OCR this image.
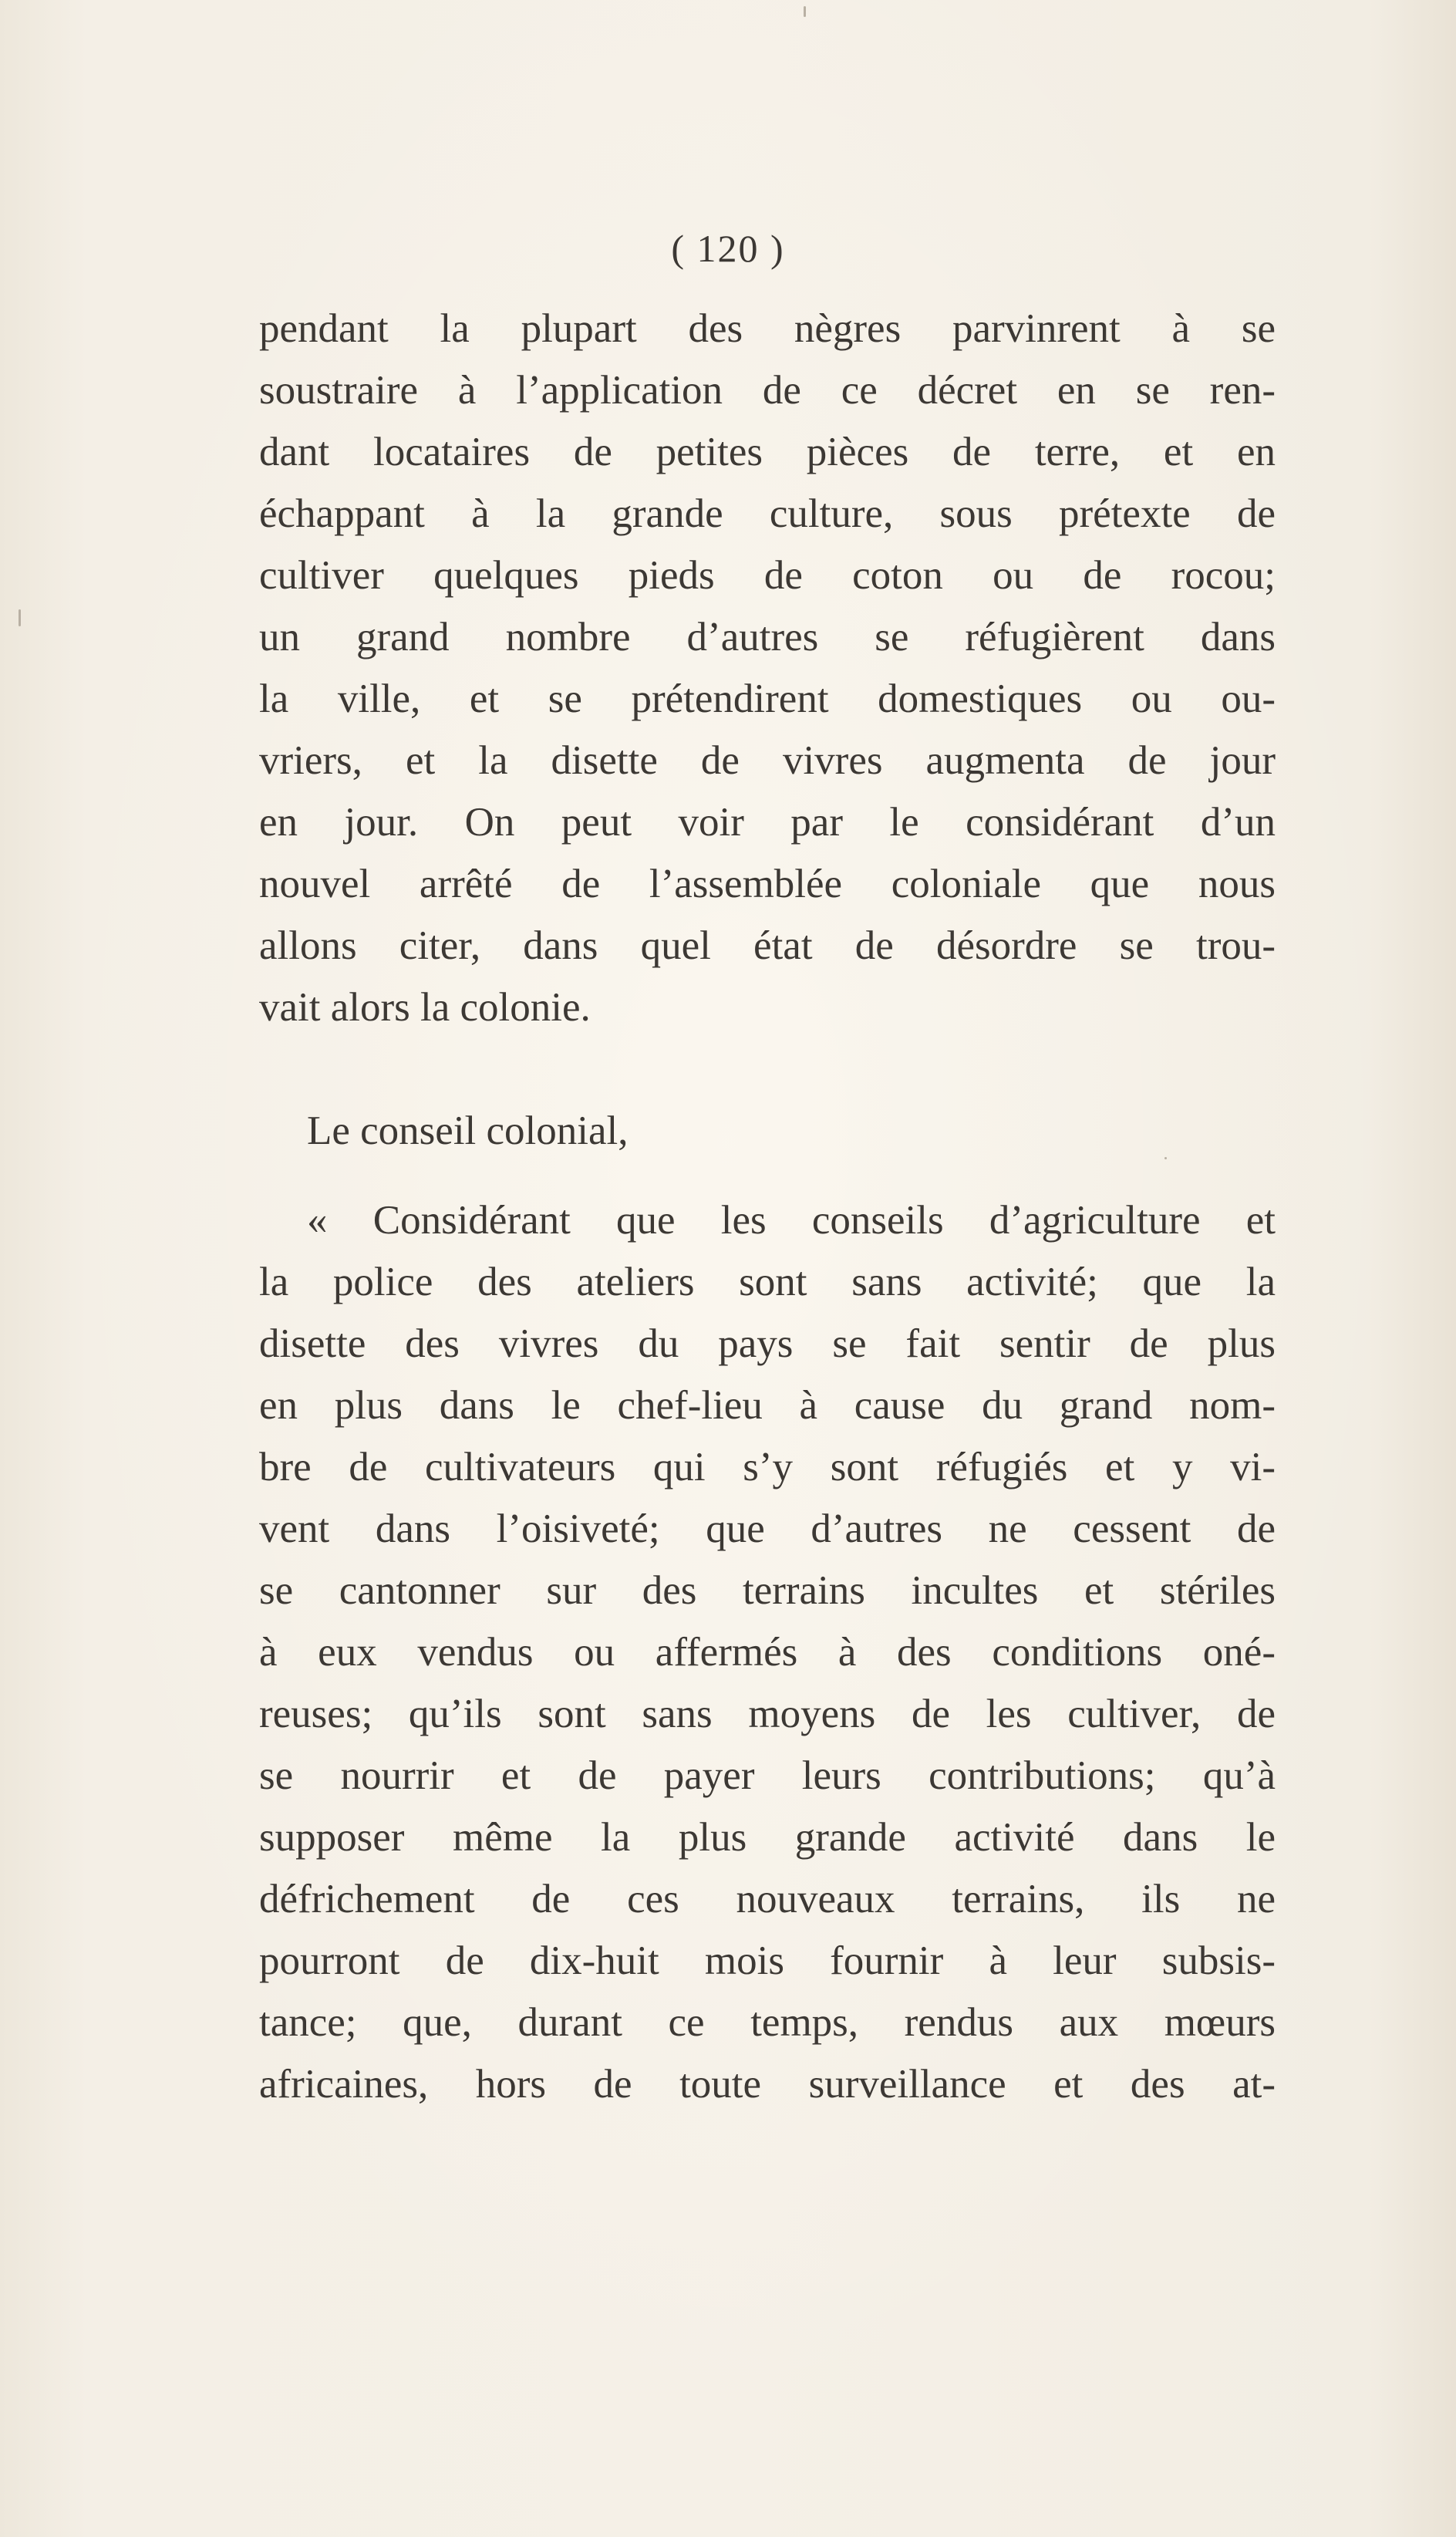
( 120 )
pendant la plupart des nègres parvinrent à se
soustraire à l’application de ce décret en se ren-
dant locataires de petites pièces de terre, et en
échappant à la grande culture, sous prétexte de
cultiver quelques pieds de coton ou de rocou;
un grand nombre d’autres se réfugièrent dans
la ville, et se prétendirent domestiques ou ou-
vriers, et la disette de vivres augmenta de jour
en jour. On peut voir par le considérant d’un
nouvel arrêté de l’assemblée coloniale que nous
allons citer, dans quel état de désordre se trou-
vait alors la colonie.
Le conseil colonial,
« Considérant que les conseils d’agriculture et
la police des ateliers sont sans activité; que la
disette des vivres du pays se fait sentir de plus
en plus dans le chef-lieu à cause du grand nom-
bre de cultivateurs qui s’y sont réfugiés et y vi-
vent dans l’oisiveté; que d’autres ne cessent de
se cantonner sur des terrains incultes et stériles
à eux vendus ou affermés à des conditions oné-
reuses; qu’ils sont sans moyens de les cultiver, de
se nourrir et de payer leurs contributions; qu’à
supposer même la plus grande activité dans le
défrichement de ces nouveaux terrains, ils ne
pourront de dix-huit mois fournir à leur subsis-
tance; que, durant ce temps, rendus aux mœurs
africaines, hors de toute surveillance et des at-
